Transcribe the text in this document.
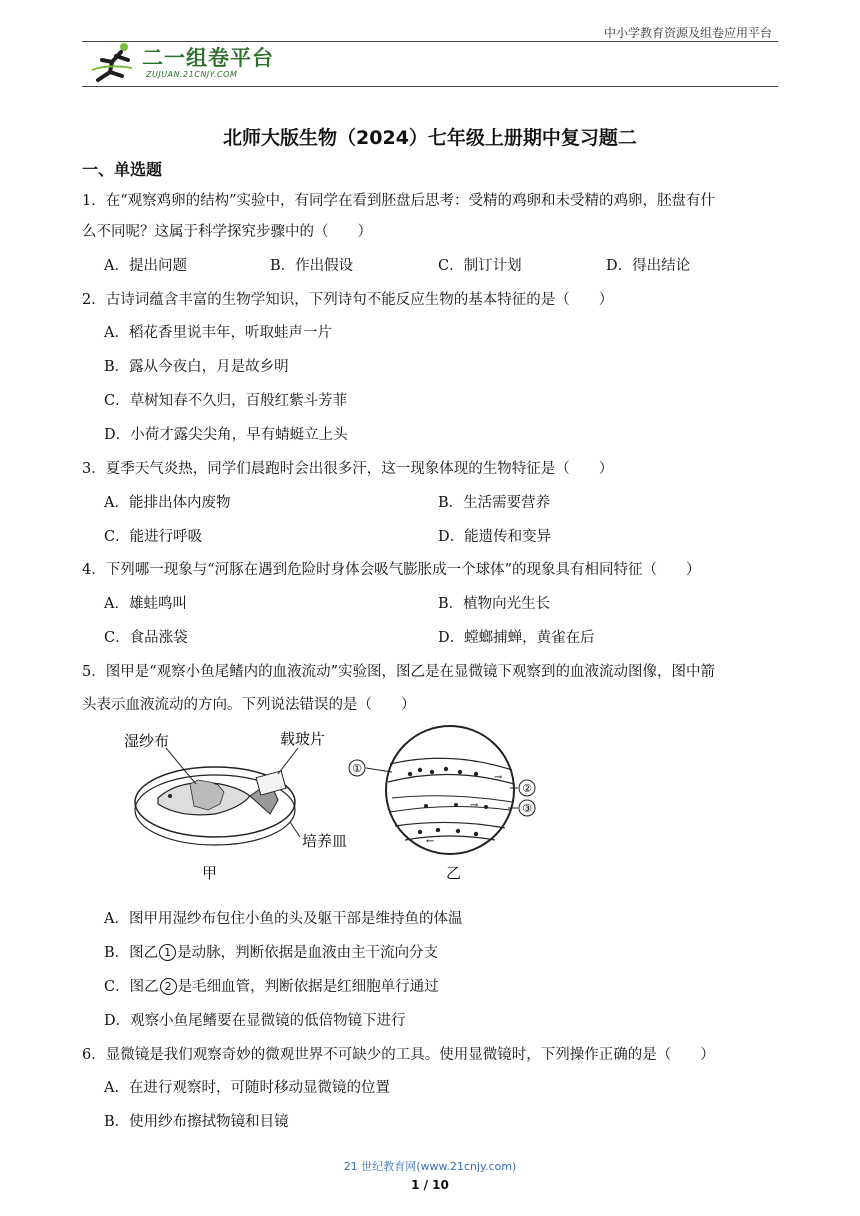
中小学教育资源及组卷应用平台
二一组卷平台
ZUJUAN.21CNJY.COM
北师大版生物（2024）七年级上册期中复习题二
一、单选题
1．在“观察鸡卵的结构”实验中，有同学在看到胚盘后思考：受精的鸡卵和未受精的鸡卵，胚盘有什
么不同呢？这属于科学探究步骤中的（　　）
A．提出问题	B．作出假设	C．制订计划	D．得出结论
2．古诗词蕴含丰富的生物学知识，下列诗句不能反应生物的基本特征的是（　　）
A．稻花香里说丰年，听取蛙声一片
B．露从今夜白，月是故乡明
C．草树知春不久归，百般红紫斗芳菲
D．小荷才露尖尖角，早有蜻蜓立上头
3．夏季天气炎热，同学们晨跑时会出很多汗，这一现象体现的生物特征是（　　）
A．能排出体内废物	B．生活需要营养
C．能进行呼吸	D．能遗传和变异
4．下列哪一现象与“河豚在遇到危险时身体会吸气膨胀成一个球体”的现象具有相同特征（　　）
A．雄蛙鸣叫	B．植物向光生长
C．食品涨袋	D．螳螂捕蝉，黄雀在后
5．图甲是“观察小鱼尾鳍内的血液流动”实验图，图乙是在显微镜下观察到的血液流动图像，图中箭
头表示血液流动的方向。下列说法错误的是（　　）
湿纱布	载玻片
培养皿
甲
→
→
←
①
②
③
乙
A．图甲用湿纱布包住小鱼的头及躯干部是维持鱼的体温
B．图乙 1 是动脉，判断依据是血液由主干流向分支
C．图乙 2 是毛细血管，判断依据是红细胞单行通过
D．观察小鱼尾鳍要在显微镜的低倍物镜下进行
6．显微镜是我们观察奇妙的微观世界不可缺少的工具。使用显微镜时，下列操作正确的是（　　）
A．在进行观察时，可随时移动显微镜的位置
B．使用纱布擦拭物镜和目镜
21 世纪教育网(www.21cnjy.com)
1 / 10
